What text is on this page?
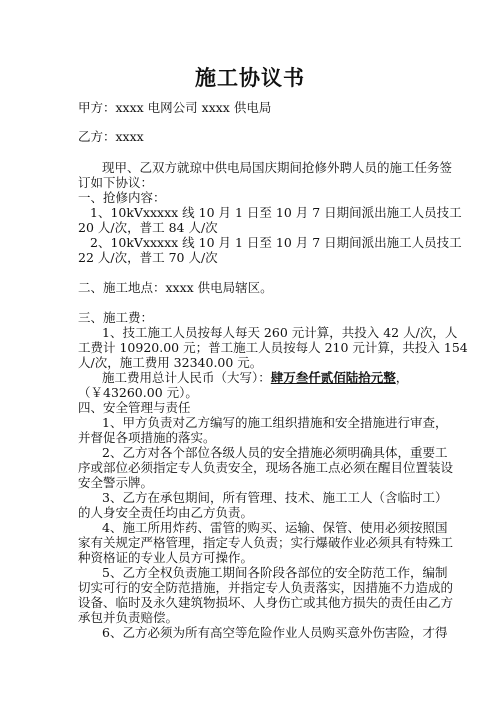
施工协议书
甲方：xxxx 电网公司 xxxx 供电局
乙方：xxxx
现甲、乙双方就琼中供电局国庆期间抢修外聘人员的施工任务签
订如下协议：
一、抢修内容：
1、10kVxxxxx 线 10 月 1 日至 10 月 7 日期间派出施工人员技工
20 人/次，普工 84 人/次
2、10kVxxxxx 线 10 月 1 日至 10 月 7 日期间派出施工人员技工
22 人/次，普工 70 人/次
二、施工地点：xxxx 供电局辖区。
三、施工费：
1、技工施工人员按每人每天 260 元计算，共投入 42 人/次，人
工费计 10920.00 元；普工施工人员按每人 210 元计算，共投入 154
人/次，施工费用 32340.00 元。
施工费用总计人民币（大写）：肆万叁仟贰佰陆拾元整，
（￥43260.00 元）。
四、安全管理与责任
1、甲方负责对乙方编写的施工组织措施和安全措施进行审查，
并督促各项措施的落实。
2、乙方对各个部位各级人员的安全措施必须明确具体，重要工
序或部位必须指定专人负责安全，现场各施工点必须在醒目位置装设
安全警示牌。
3、乙方在承包期间，所有管理、技术、施工工人（含临时工）
的人身安全责任均由乙方负责。
4、施工所用炸药、雷管的购买、运输、保管、使用必须按照国
家有关规定严格管理，指定专人负责；实行爆破作业必须具有特殊工
种资格证的专业人员方可操作。
5、乙方全权负责施工期间各阶段各部位的安全防范工作，编制
切实可行的安全防范措施，并指定专人负责落实，因措施不力造成的
设备、临时及永久建筑物损坏、人身伤亡或其他方损失的责任由乙方
承包并负责赔偿。
6、乙方必须为所有高空等危险作业人员购买意外伤害险，才得
